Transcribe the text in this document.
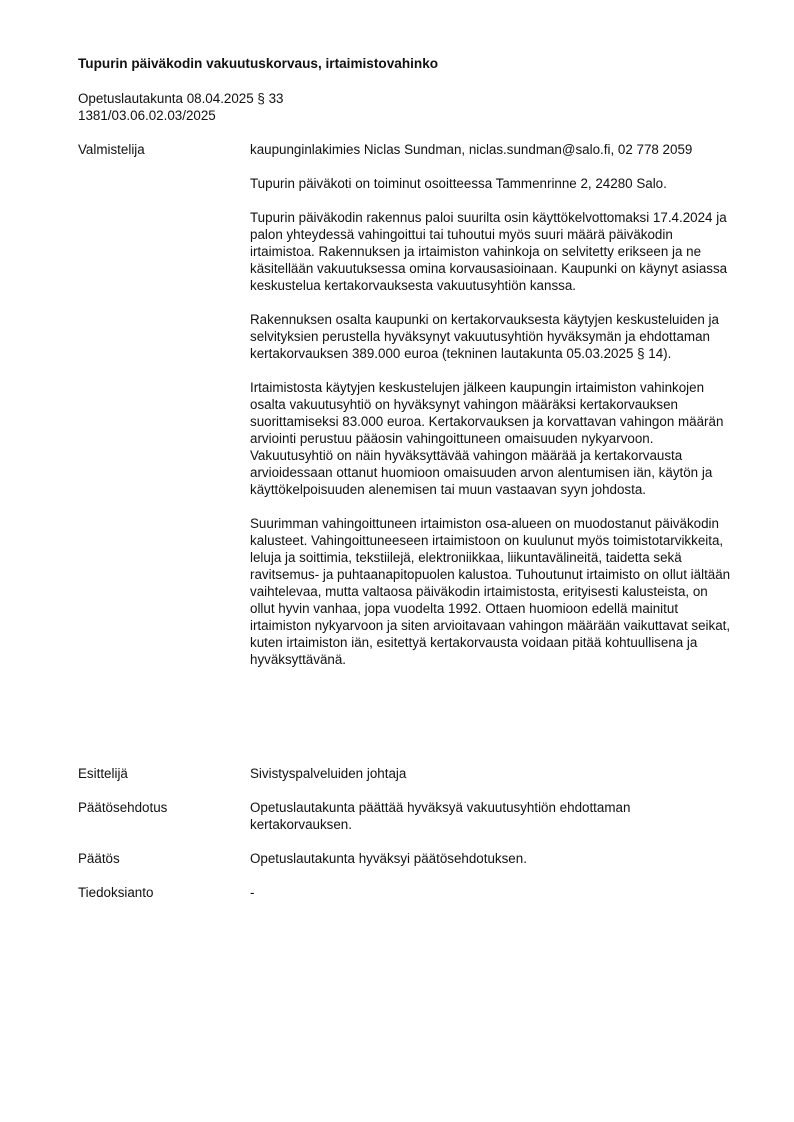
Tupurin päiväkodin vakuutuskorvaus, irtaimistovahinko
Opetuslautakunta 08.04.2025 § 33
1381/03.06.02.03/2025
Valmistelija	kaupunginlakimies Niclas Sundman, niclas.sundman@salo.fi, 02 778 2059

Tupurin päiväkoti on toiminut osoitteessa Tammenrinne 2, 24280 Salo.

Tupurin päiväkodin rakennus paloi suurilta osin käyttökelvottomaksi 17.4.2024 ja palon yhteydessä vahingoittui tai tuhoutui myös suuri määrä päiväkodin irtaimistoa. Rakennuksen ja irtaimiston vahinkoja on selvitetty erikseen ja ne käsitellään vakuutuksessa omina korvausasioinaan. Kaupunki on käynyt asiassa keskustelua kertakorvauksesta vakuutusyhtiön kanssa.

Rakennuksen osalta kaupunki on kertakorvauksesta käytyjen keskusteluiden ja selvityksien perustella hyväksynyt vakuutusyhtiön hyväksymän ja ehdottaman kertakorvauksen 389.000 euroa (tekninen lautakunta 05.03.2025 § 14).

Irtaimistosta käytyjen keskustelujen jälkeen kaupungin irtaimiston vahinkojen osalta vakuutusyhtiö on hyväksynyt vahingon määräksi kertakorvauksen suorittamiseksi 83.000 euroa. Kertakorvauksen ja korvattavan vahingon määrän arviointi perustuu pääosin vahingoittuneen omaisuuden nykyarvoon. Vakuutusyhtiö on näin hyväksyttävää vahingon määrää ja kertakorvausta arvioidessaan ottanut huomioon omaisuuden arvon alentumisen iän, käytön ja käyttökelpoisuuden alenemisen tai muun vastaavan syyn johdosta.

Suurimman vahingoittuneen irtaimiston osa-alueen on muodostanut päiväkodin kalusteet. Vahingoittuneeseen irtaimistoon on kuulunut myös toimistotarvikkeita, leluja ja soittimia, tekstiilejä, elektroniikkaa, liikuntavälineitä, taidetta sekä ravitsemus- ja puhtaanapitopuolen kalustoa. Tuhoutunut irtaimisto on ollut iältään vaihtelevaa, mutta valtaosa päiväkodin irtaimistosta, erityisesti kalusteista, on ollut hyvin vanhaa, jopa vuodelta 1992. Ottaen huomioon edellä mainitut irtaimiston nykyarvoon ja siten arvioitavaan vahingon määrään vaikuttavat seikat, kuten irtaimiston iän, esitettyä kertakorvausta voidaan pitää kohtuullisena ja hyväksyttävänä.

Esittelijä	Sivistyspalveluiden johtaja
Päätösehdotus	Opetuslautakunta päättää hyväksyä vakuutusyhtiön ehdottaman kertakorvauksen.
Päätös	Opetuslautakunta hyväksyi päätösehdotuksen.
Tiedoksianto	-
